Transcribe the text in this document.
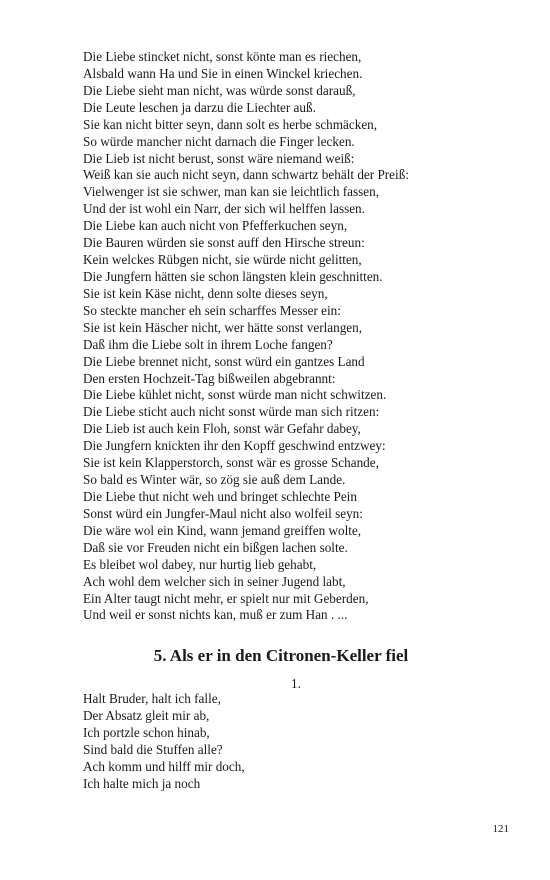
Die Liebe stincket nicht, sonst könte man es riechen,
Alsbald wann Ha und Sie in einen Winckel kriechen.
Die Liebe sieht man nicht, was würde sonst darauß,
Die Leute leschen ja darzu die Liechter auß.
Sie kan nicht bitter seyn, dann solt es herbe schmäcken,
So würde mancher nicht darnach die Finger lecken.
Die Lieb ist nicht berust, sonst wäre niemand weiß:
Weiß kan sie auch nicht seyn, dann schwartz behält der Preiß:
Vielwenger ist sie schwer, man kan sie leichtlich fassen,
Und der ist wohl ein Narr, der sich wil helffen lassen.
Die Liebe kan auch nicht von Pfefferkuchen seyn,
Die Bauren würden sie sonst auff den Hirsche streun:
Kein welckes Rübgen nicht, sie würde nicht gelitten,
Die Jungfern hätten sie schon längsten klein geschnitten.
Sie ist kein Käse nicht, denn solte dieses seyn,
So steckte mancher eh sein scharffes Messer ein:
Sie ist kein Häscher nicht, wer hätte sonst verlangen,
Daß ihm die Liebe solt in ihrem Loche fangen?
Die Liebe brennet nicht, sonst würd ein gantzes Land
Den ersten Hochzeit-Tag bißweilen abgebrannt:
Die Liebe kühlet nicht, sonst würde man nicht schwitzen.
Die Liebe sticht auch nicht sonst würde man sich ritzen:
Die Lieb ist auch kein Floh, sonst wär Gefahr dabey,
Die Jungfern knickten ihr den Kopff geschwind entzwey:
Sie ist kein Klapperstorch, sonst wär es grosse Schande,
So bald es Winter wär, so zög sie auß dem Lande.
Die Liebe thut nicht weh und bringet schlechte Pein
Sonst würd ein Jungfer-Maul nicht also wolfeil seyn:
Die wäre wol ein Kind, wann jemand greiffen wolte,
Daß sie vor Freuden nicht ein bißgen lachen solte.
Es bleibet wol dabey, nur hurtig lieb gehabt,
Ach wohl dem welcher sich in seiner Jugend labt,
Ein Alter taugt nicht mehr, er spielt nur mit Geberden,
Und weil er sonst nichts kan, muß er zum Han . ...
5. Als er in den Citronen-Keller fiel
1.
Halt Bruder, halt ich falle,
Der Absatz gleit mir ab,
Ich portzle schon hinab,
Sind bald die Stuffen alle?
Ach komm und hilff mir doch,
Ich halte mich ja noch
121
